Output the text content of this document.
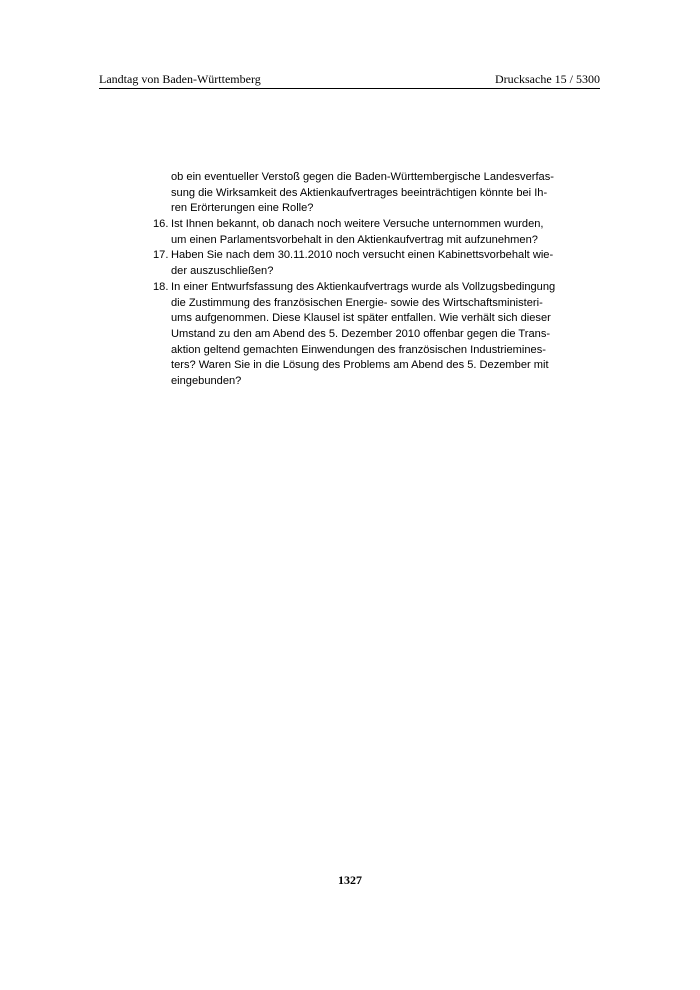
Landtag von Baden-Württemberg	Drucksache 15 / 5300
ob ein eventueller Verstoß gegen die Baden-Württembergische Landesverfas-
sung die Wirksamkeit des Aktienkaufvertrages beeinträchtigen könnte bei Ih-
ren Erörterungen eine Rolle?
16. Ist Ihnen bekannt, ob danach noch weitere Versuche unternommen wurden,
um einen Parlamentsvorbehalt in den Aktienkaufvertrag mit aufzunehmen?
17. Haben Sie nach dem 30.11.2010 noch versucht einen Kabinettsvorbehalt wie-
der auszuschließen?
18. In einer Entwurfsfassung des Aktienkaufvertrags wurde als Vollzugsbedingung
die Zustimmung des französischen Energie- sowie des Wirtschaftsministeri-
ums aufgenommen. Diese Klausel ist später entfallen. Wie verhält sich dieser
Umstand zu den am Abend des 5. Dezember 2010 offenbar gegen die Trans-
aktion geltend gemachten Einwendungen des französischen Industriemines-
ters? Waren Sie in die Lösung des Problems am Abend des 5. Dezember mit
eingebunden?
1327
